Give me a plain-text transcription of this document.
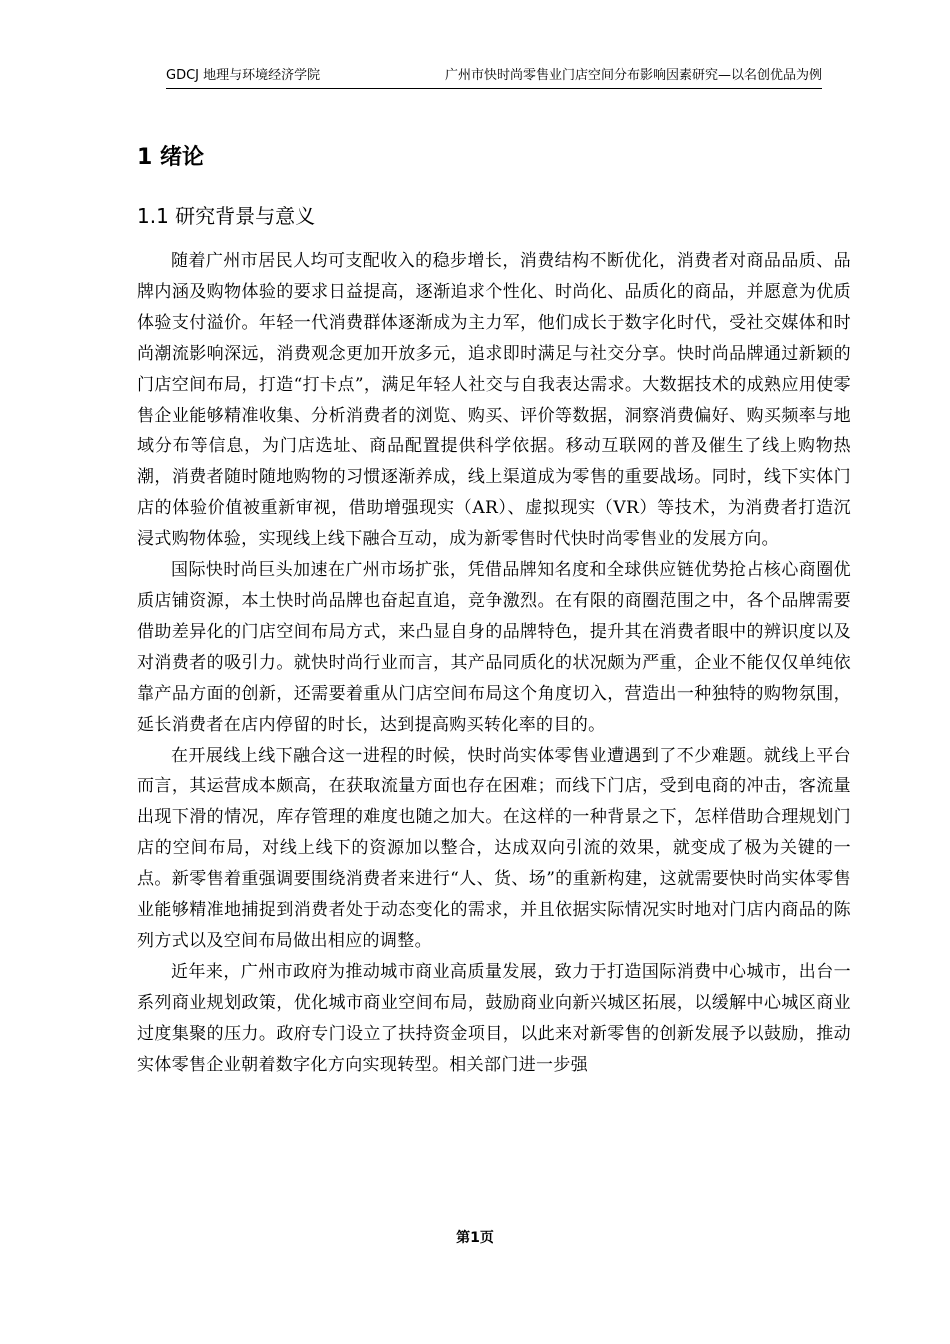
GDCJ 地理与环境经济学院	广州市快时尚零售业门店空间分布影响因素研究—以名创优品为例
1 绪论
1.1 研究背景与意义

随着广州市居民人均可支配收入的稳步增长，消费结构不断优化，消费者对商品品质、品牌内涵及购物体验的要求日益提高，逐渐追求个性化、时尚化、品质化的商品，并愿意为优质体验支付溢价。年轻一代消费群体逐渐成为主力军，他们成长于数字化时代，受社交媒体和时尚潮流影响深远，消费观念更加开放多元，追求即时满足与社交分享。快时尚品牌通过新颖的门店空间布局，打造“打卡点”，满足年轻人社交与自我表达需求。大数据技术的成熟应用使零售企业能够精准收集、分析消费者的浏览、购买、评价等数据，洞察消费偏好、购买频率与地域分布等信息，为门店选址、商品配置提供科学依据。移动互联网的普及催生了线上购物热潮，消费者随时随地购物的习惯逐渐养成，线上渠道成为零售的重要战场。同时，线下实体门店的体验价值被重新审视，借助增强现实（AR）、虚拟现实（VR）等技术，为消费者打造沉浸式购物体验，实现线上线下融合互动，成为新零售时代快时尚零售业的发展方向。

国际快时尚巨头加速在广州市场扩张，凭借品牌知名度和全球供应链优势抢占核心商圈优质店铺资源，本土快时尚品牌也奋起直追，竞争激烈。在有限的商圈范围之中，各个品牌需要借助差异化的门店空间布局方式，来凸显自身的品牌特色，提升其在消费者眼中的辨识度以及对消费者的吸引力。就快时尚行业而言，其产品同质化的状况颇为严重，企业不能仅仅单纯依靠产品方面的创新，还需要着重从门店空间布局这个角度切入，营造出一种独特的购物氛围，延长消费者在店内停留的时长，达到提高购买转化率的目的。

在开展线上线下融合这一进程的时候，快时尚实体零售业遭遇到了不少难题。就线上平台而言，其运营成本颇高，在获取流量方面也存在困难；而线下门店，受到电商的冲击，客流量出现下滑的情况，库存管理的难度也随之加大。在这样的一种背景之下，怎样借助合理规划门店的空间布局，对线上线下的资源加以整合，达成双向引流的效果，就变成了极为关键的一点。新零售着重强调要围绕消费者来进行“人、货、场”的重新构建，这就需要快时尚实体零售业能够精准地捕捉到消费者处于动态变化的需求，并且依据实际情况实时地对门店内商品的陈列方式以及空间布局做出相应的调整。

近年来，广州市政府为推动城市商业高质量发展，致力于打造国际消费中心城市，出台一系列商业规划政策，优化城市商业空间布局，鼓励商业向新兴城区拓展，以缓解中心城区商业过度集聚的压力。政府专门设立了扶持资金项目，以此来对新零售的创新发展予以鼓励，推动实体零售企业朝着数字化方向实现转型。相关部门进一步强

第1页
